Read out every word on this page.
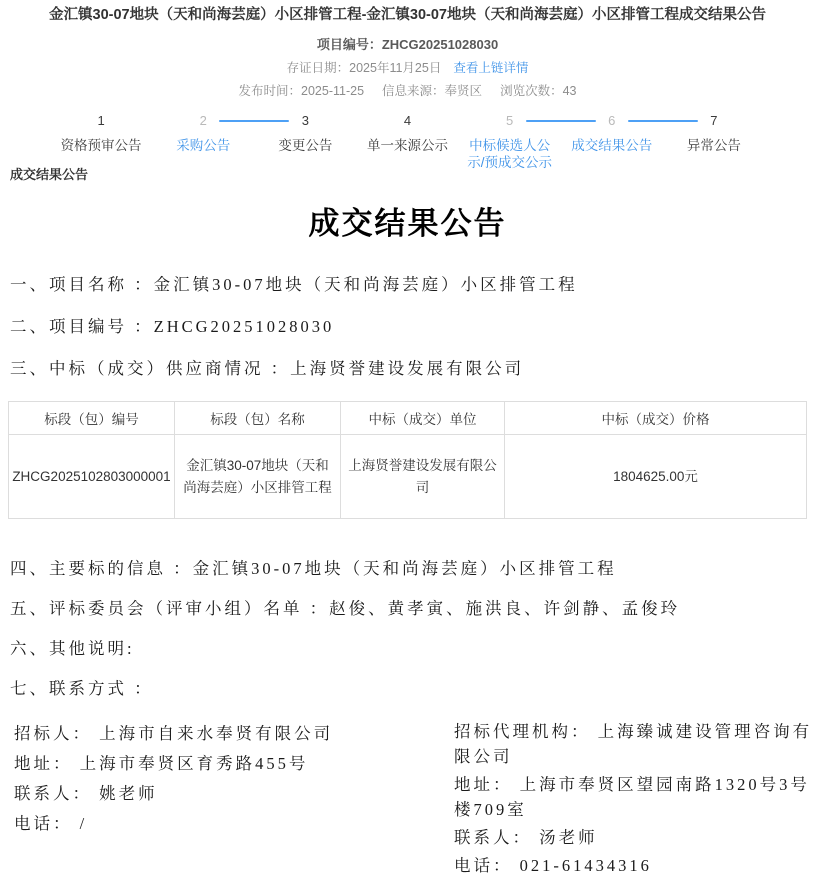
金汇镇30-07地块（天和尚海芸庭）小区排管工程-金汇镇30-07地块（天和尚海芸庭）小区排管工程成交结果公告
项目编号：ZHCG20251028030
存证日期：2025年11月25日 查看上链详情
发布时间：2025-11-25 信息来源：奉贤区 浏览次数：43
1
资格预审公告
2
采购公告
3
变更公告
4
单一来源公示
5
中标候选人公示/预成交公示
6
成交结果公告
7
异常公告
成交结果公告
成交结果公告

一、项目名称 ：金汇镇30-07地块（天和尚海芸庭）小区排管工程

二、项目编号 ：ZHCG20251028030

三、中标（成交）供应商情况 ：上海贤誉建设发展有限公司

标段（包）编号	标段（包）名称	中标（成交）单位	中标（成交）价格
ZHCG2025102803000001	金汇镇30-07地块（天和尚海芸庭）小区排管工程	上海贤誉建设发展有限公司	1804625.00元

四、主要标的信息 ：金汇镇30-07地块（天和尚海芸庭）小区排管工程

五、评标委员会（评审小组）名单 ：赵俊、黄孝寅、施洪良、许剑静、孟俊玲

六、其他说明:

七、联系方式 ：

招标人： 上海市自来水奉贤有限公司

地址： 上海市奉贤区育秀路455号

联系人： 姚老师

电话： /

招标代理机构： 上海臻诚建设管理咨询有限公司

地址： 上海市奉贤区望园南路1320号3号楼709室

联系人： 汤老师

电话： 021-61434316
